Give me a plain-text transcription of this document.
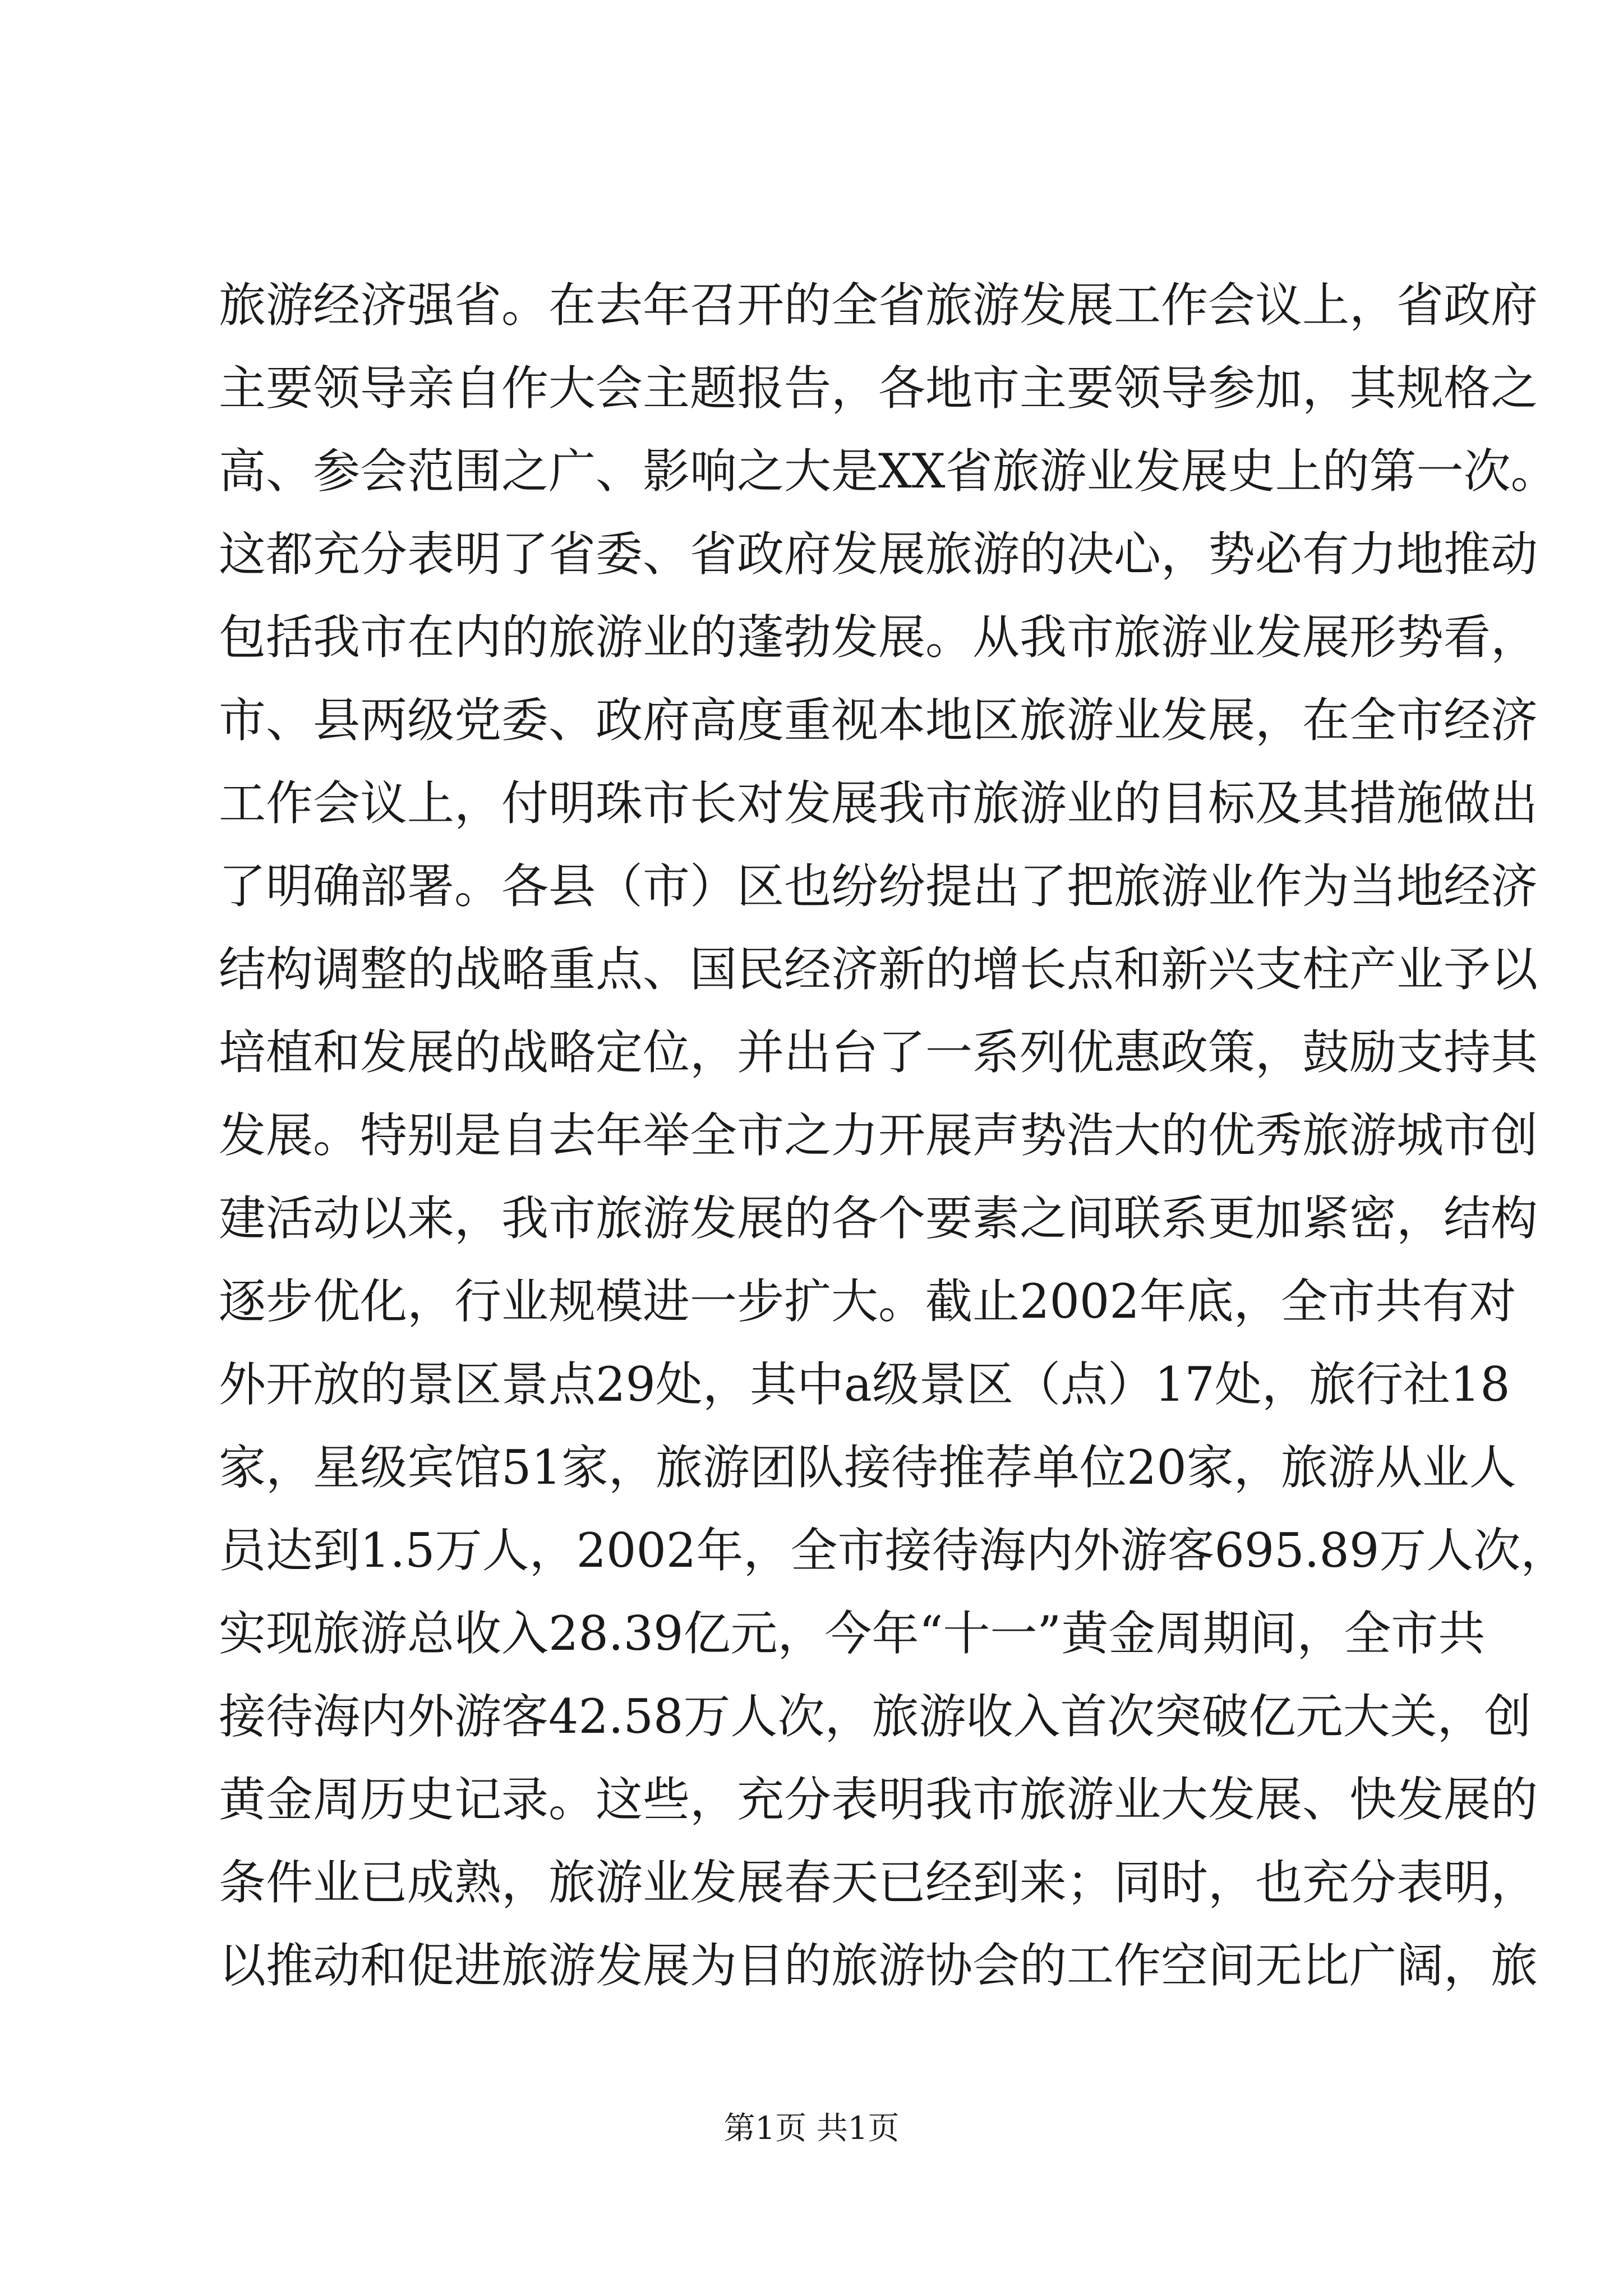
旅游经济强省。在去年召开的全省旅游发展工作会议上，省政府
主要领导亲自作大会主题报告，各地市主要领导参加，其规格之
高、参会范围之广、影响之大是XX省旅游业发展史上的第一次。
这都充分表明了省委、省政府发展旅游的决心，势必有力地推动
包括我市在内的旅游业的蓬勃发展。从我市旅游业发展形势看，
市、县两级党委、政府高度重视本地区旅游业发展，在全市经济
工作会议上，付明珠市长对发展我市旅游业的目标及其措施做出
了明确部署。各县（市）区也纷纷提出了把旅游业作为当地经济
结构调整的战略重点、国民经济新的增长点和新兴支柱产业予以
培植和发展的战略定位，并出台了一系列优惠政策，鼓励支持其
发展。特别是自去年举全市之力开展声势浩大的优秀旅游城市创
建活动以来，我市旅游发展的各个要素之间联系更加紧密，结构
逐步优化，行业规模进一步扩大。截止2002年底，全市共有对
外开放的景区景点29处，其中a级景区（点）17处，旅行社18
家，星级宾馆51家，旅游团队接待推荐单位20家，旅游从业人
员达到1.5万人，2002年，全市接待海内外游客695.89万人次，
实现旅游总收入28.39亿元，今年“十一”黄金周期间，全市共
接待海内外游客42.58万人次，旅游收入首次突破亿元大关，创
黄金周历史记录。这些，充分表明我市旅游业大发展、快发展的
条件业已成熟，旅游业发展春天已经到来；同时，也充分表明，
以推动和促进旅游发展为目的旅游协会的工作空间无比广阔，旅
第1页 共1页
